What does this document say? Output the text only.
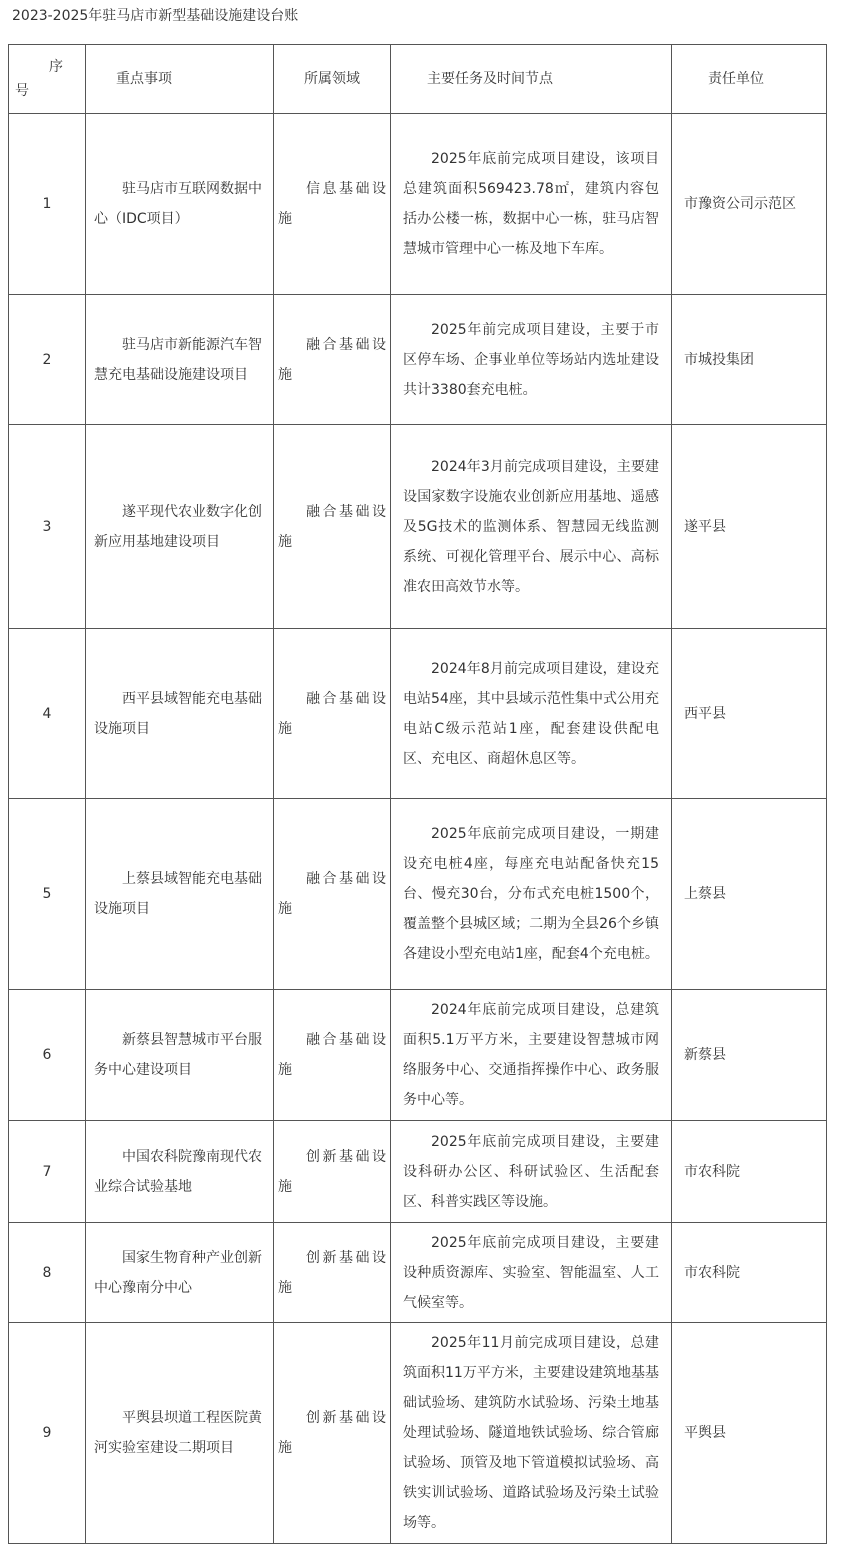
2023-2025年驻马店市新型基础设施建设台账
序
号	重点事项	所属领域	主要任务及时间节点	责任单位
1	驻马店市互联网数据中心（IDC项目）	信息基础设施	2025年底前完成项目建设，该项目总建筑面积569423.78㎡，建筑内容包括办公楼一栋，数据中心一栋，驻马店智慧城市管理中心一栋及地下车库。	市豫资公司示范区
2	驻马店市新能源汽车智慧充电基础设施建设项目	融合基础设施	2025年前完成项目建设，主要于市区停车场、企事业单位等场站内选址建设共计3380套充电桩。	市城投集团
3	遂平现代农业数字化创新应用基地建设项目	融合基础设施	2024年3月前完成项目建设，主要建设国家数字设施农业创新应用基地、遥感及5G技术的监测体系、智慧园无线监测系统、可视化管理平台、展示中心、高标准农田高效节水等。	遂平县
4	西平县域智能充电基础设施项目	融合基础设施	2024年8月前完成项目建设，建设充电站54座，其中县域示范性集中式公用充电站C级示范站1座，配套建设供配电区、充电区、商超休息区等。	西平县
5	上蔡县域智能充电基础设施项目	融合基础设施	2025年底前完成项目建设，一期建设充电桩4座，每座充电站配备快充15台、慢充30台，分布式充电桩1500个，覆盖整个县城区域；二期为全县26个乡镇各建设小型充电站1座，配套4个充电桩。	上蔡县
6	新蔡县智慧城市平台服务中心建设项目	融合基础设施	2024年底前完成项目建设，总建筑面积5.1万平方米，主要建设智慧城市网络服务中心、交通指挥操作中心、政务服务中心等。	新蔡县
7	中国农科院豫南现代农业综合试验基地	创新基础设施	2025年底前完成项目建设，主要建设科研办公区、科研试验区、生活配套区、科普实践区等设施。	市农科院
8	国家生物育种产业创新中心豫南分中心	创新基础设施	2025年底前完成项目建设，主要建设种质资源库、实验室、智能温室、人工气候室等。	市农科院
9	平舆县坝道工程医院黄河实验室建设二期项目	创新基础设施	2025年11月前完成项目建设，总建筑面积11万平方米，主要建设建筑地基基础试验场、建筑防水试验场、污染土地基处理试验场、隧道地铁试验场、综合管廊试验场、顶管及地下管道模拟试验场、高铁实训试验场、道路试验场及污染土试验场等。	平舆县
